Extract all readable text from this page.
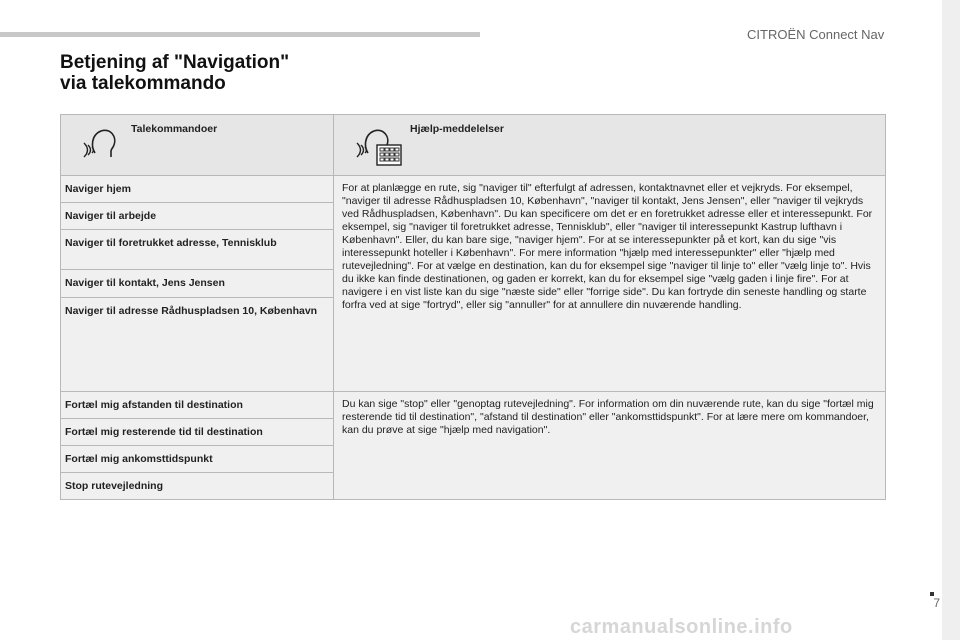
CITROËN Connect Nav
Betjening af "Navigation"
via talekommando
Talekommandoer	Hjælp-meddelelser

Naviger hjem	For at planlægge en rute, sig "naviger til" efterfulgt af adressen, kontaktnavnet eller et vejkryds. For eksempel, "naviger til adresse Rådhuspladsen 10, København", "naviger til kontakt, Jens Jensen", eller "naviger til vejkryds ved Rådhuspladsen, København". Du kan specificere om det er en foretrukket adresse eller et interessepunkt. For eksempel, sig "naviger til foretrukket adresse, Tennisklub", eller "naviger til interessepunkt Kastrup lufthavn i København". Eller, du kan bare sige, "naviger hjem". For at se interessepunkter på et kort, kan du sige "vis interessepunkt hoteller i København". For mere information "hjælp med interessepunkter" eller "hjælp med rutevejledning". For at vælge en destination, kan du for eksempel sige "naviger til linje to" eller "vælg linje to". Hvis du ikke kan finde destinationen, og gaden er korrekt, kan du for eksempel sige "vælg gaden i linje fire". For at navigere i en vist liste kan du sige "næste side" eller "forrige side". Du kan fortryde din seneste handling og starte forfra ved at sige "fortryd", eller sig "annuller" for at annullere din nuværende handling.
Naviger til arbejde	
Naviger til foretrukket adresse, Tennisklub	
Naviger til kontakt, Jens Jensen	
Naviger til adresse Rådhuspladsen 10, København	
Fortæl mig afstanden til destination	Du kan sige "stop" eller "genoptag rutevejledning". For information om din nuværende rute, kan du sige "fortæl mig resterende tid til destination", "afstand til destination" eller "ankomsttidspunkt". For at lære mere om kommandoer, kan du prøve at sige "hjælp med navigation".
Fortæl mig resterende tid til destination	
Fortæl mig ankomsttidspunkt	
Stop rutevejledning	
7
carmanualsonline.info
